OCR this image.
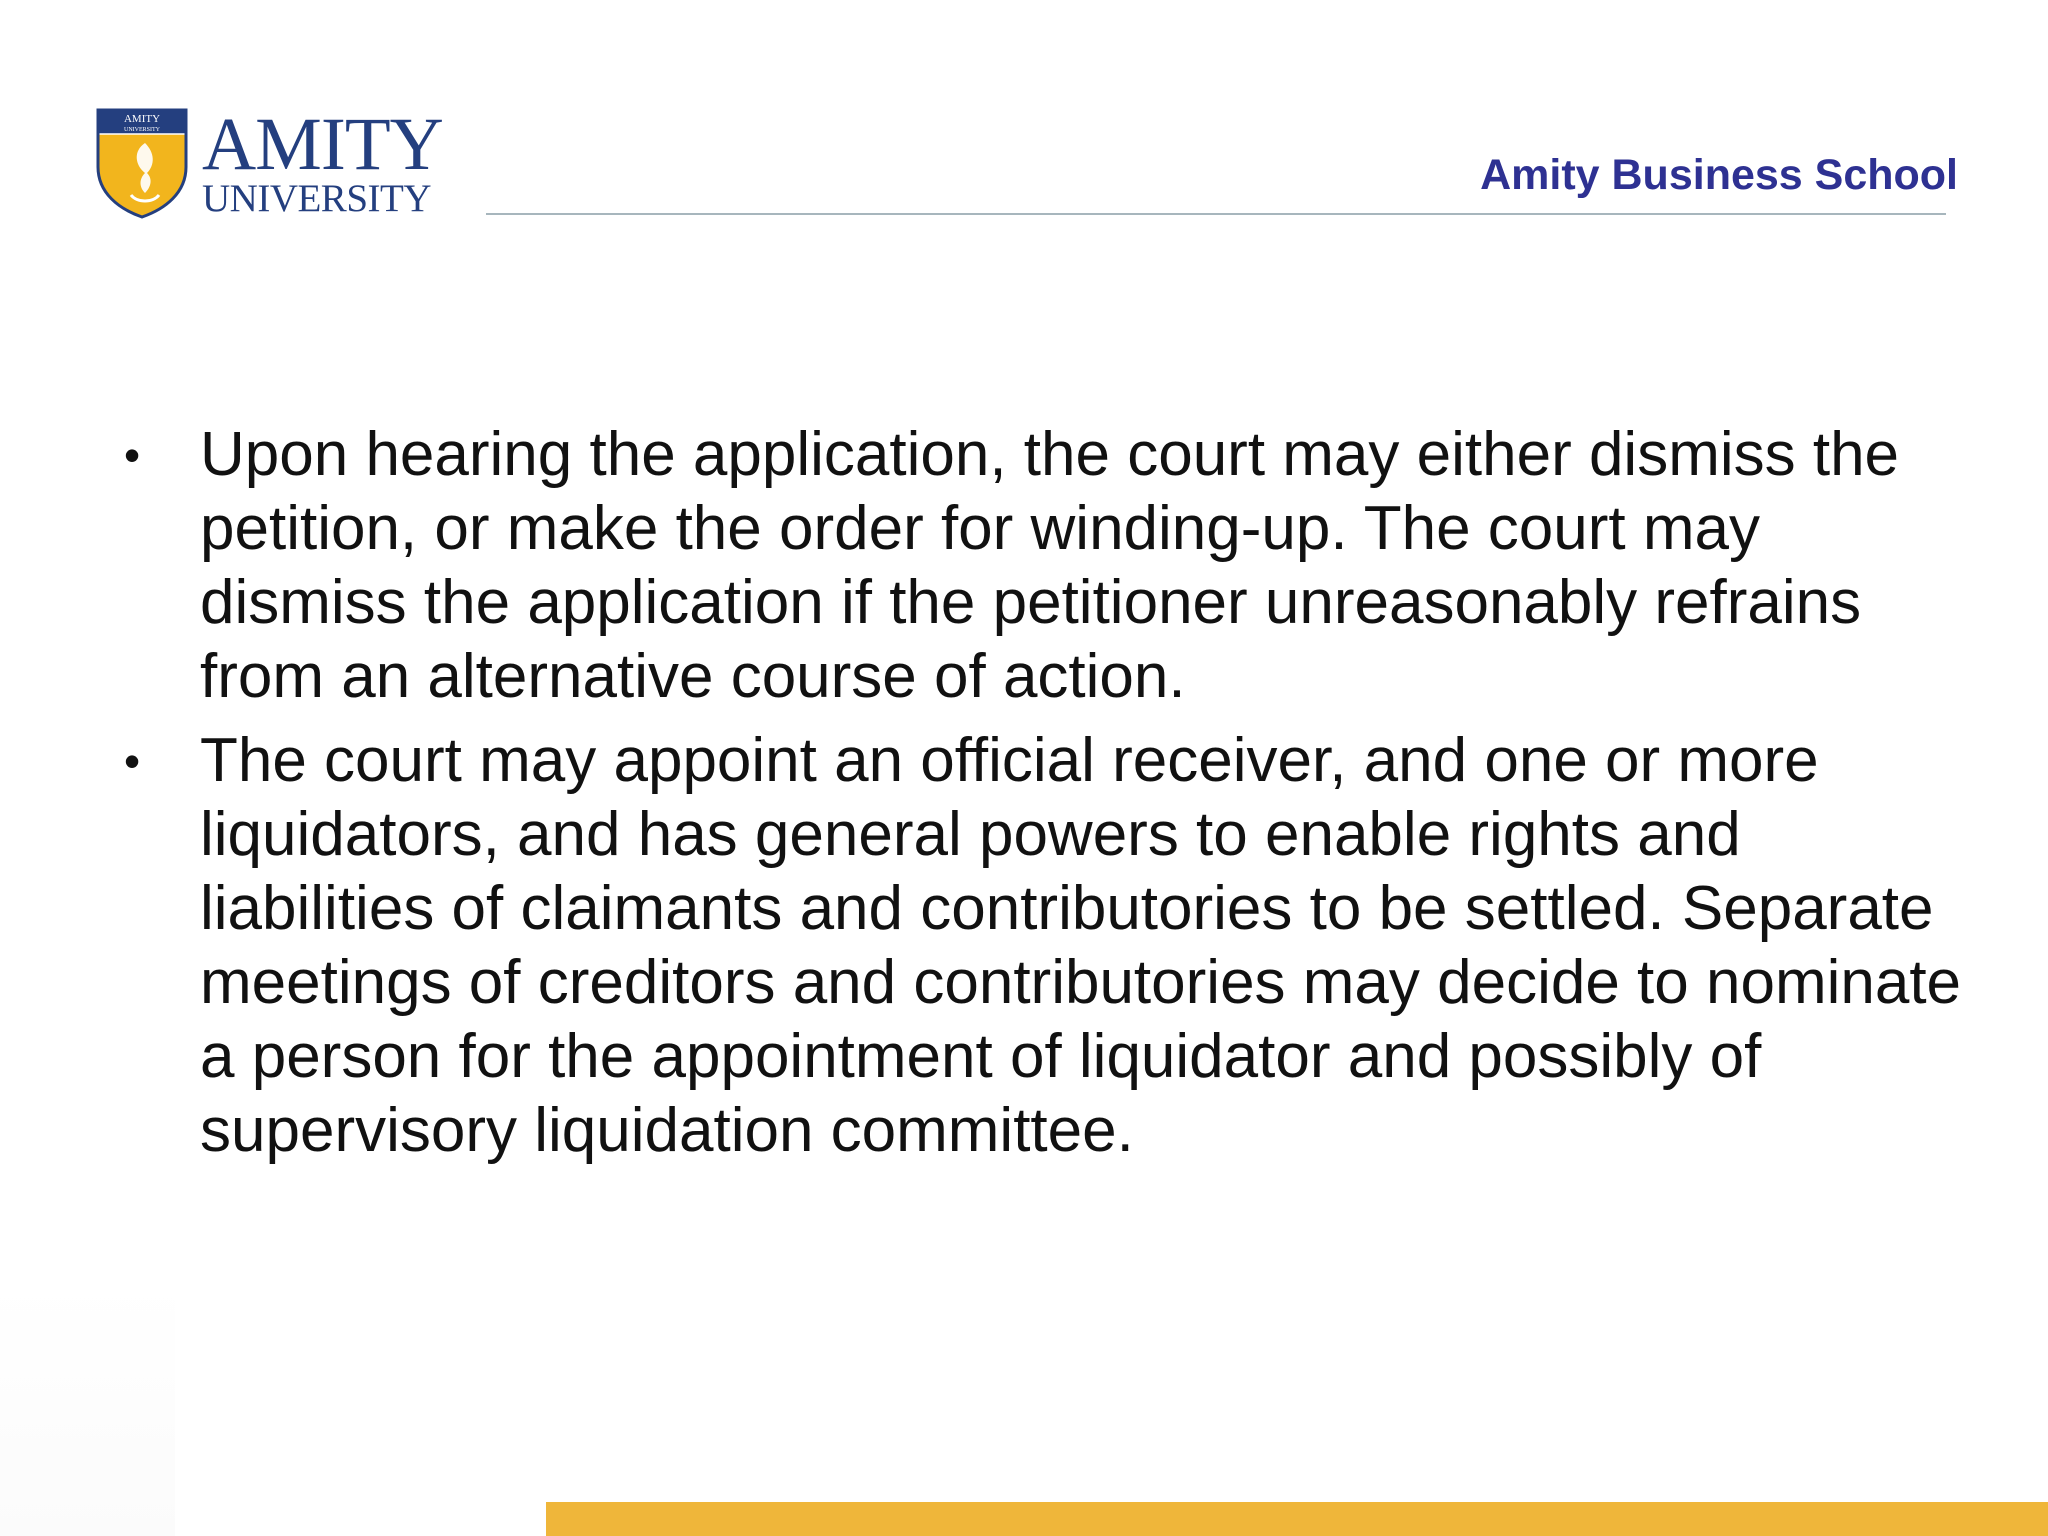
AMITY
UNIVERSITY AMITY
UNIVERSITY	Amity Business School
• Upon hearing the application, the court may either dismiss the petition, or make the order for winding-up. The court may dismiss the application if the petitioner unreasonably refrains from an alternative course of action.
• The court may appoint an official receiver, and one or more liquidators, and has general powers to enable rights and liabilities of claimants and contributories to be settled. Separate meetings of creditors and contributories may decide to nominate a person for the appointment of liquidator and possibly of supervisory liquidation committee.
